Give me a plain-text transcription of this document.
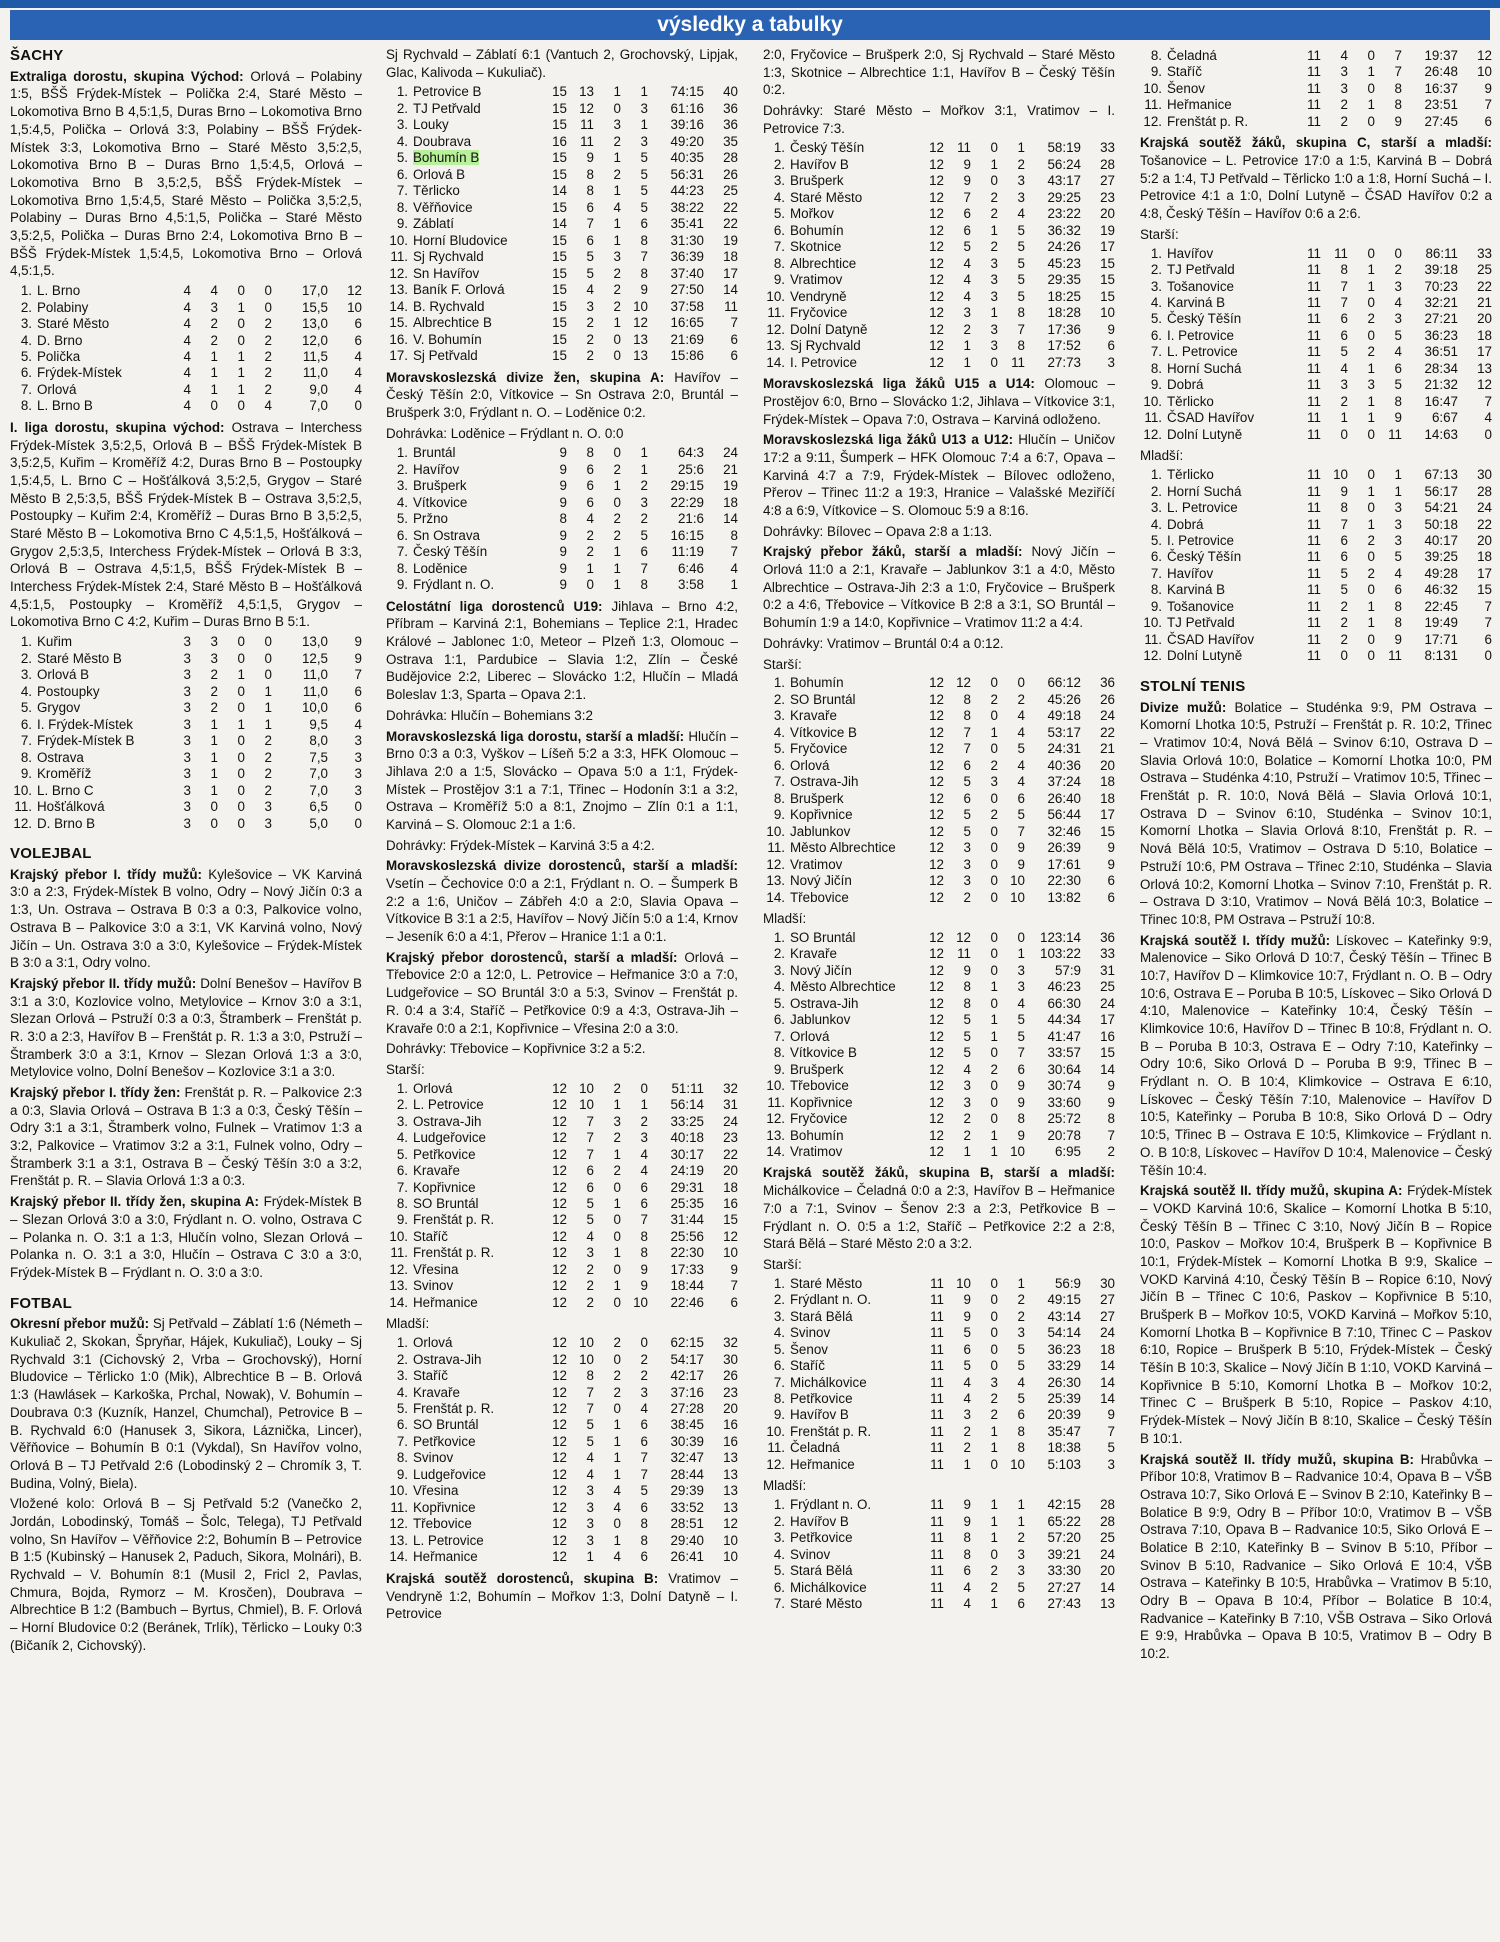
výsledky a tabulky
ŠACHY
Extraliga dorostu, skupina Východ: Orlová – Polabiny 1:5, BŠŠ Frýdek-Místek – Polička 2:4, Staré Město – Lokomotiva Brno B 4,5:1,5, Duras Brno – Lokomotiva Brno 1,5:4,5, Polička – Orlová 3:3, Polabiny – BŠŠ Frýdek-Místek 3:3, Lokomotiva Brno – Staré Město 3,5:2,5, Lokomotiva Brno B – Duras Brno 1,5:4,5, Orlová – Lokomotiva Brno B 3,5:2,5, BŠŠ Frýdek-Místek – Lokomotiva Brno 1,5:4,5, Staré Město – Polička 3,5:2,5, Polabiny – Duras Brno 4,5:1,5, Polička – Staré Město 3,5:2,5, Polička – Duras Brno 2:4, Lokomotiva Brno B – BŠŠ Frýdek-Místek 1,5:4,5, Lokomotiva Brno – Orlová 4,5:1,5.
1.	L. Brno	4	4	0	0	17,0	12
2.	Polabiny	4	3	1	0	15,5	10
3.	Staré Město	4	2	0	2	13,0	6
4.	D. Brno	4	2	0	2	12,0	6
5.	Polička	4	1	1	2	11,5	4
6.	Frýdek-Místek	4	1	1	2	11,0	4
7.	Orlová	4	1	1	2	9,0	4
8.	L. Brno B	4	0	0	4	7,0	0
I. liga dorostu, skupina východ: Ostrava – Interchess Frýdek-Místek 3,5:2,5, Orlová B – BŠŠ Frýdek-Místek B 3,5:2,5, Kuřim – Kroměříž 4:2, Duras Brno B – Postoupky 1,5:4,5, L. Brno C – Hošťálková 3,5:2,5, Grygov – Staré Město B 2,5:3,5, BŠŠ Frýdek-Místek B – Ostrava 3,5:2,5, Postoupky – Kuřim 2:4, Kroměříž – Duras Brno B 3,5:2,5, Staré Město B – Lokomotiva Brno C 4,5:1,5, Hošťálková – Grygov 2,5:3,5, Interchess Frýdek-Místek – Orlová B 3:3, Orlová B – Ostrava 4,5:1,5, BŠŠ Frýdek-Místek B – Interchess Frýdek-Místek 2:4, Staré Město B – Hošťálková 4,5:1,5, Postoupky – Kroměříž 4,5:1,5, Grygov – Lokomotiva Brno C 4:2, Kuřim – Duras Brno B 5:1.
1.	Kuřim	3	3	0	0	13,0	9
2.	Staré Město B	3	3	0	0	12,5	9
3.	Orlová B	3	2	1	0	11,0	7
4.	Postoupky	3	2	0	1	11,0	6
5.	Grygov	3	2	0	1	10,0	6
6.	I. Frýdek-Místek	3	1	1	1	9,5	4
7.	Frýdek-Místek B	3	1	0	2	8,0	3
8.	Ostrava	3	1	0	2	7,5	3
9.	Kroměříž	3	1	0	2	7,0	3
10.	L. Brno C	3	1	0	2	7,0	3
11.	Hošťálková	3	0	0	3	6,5	0
12.	D. Brno B	3	0	0	3	5,0	0
VOLEJBAL
Krajský přebor I. třídy mužů: Kylešovice – VK Karviná 3:0 a 2:3, Frýdek-Místek B volno, Odry – Nový Jičín 0:3 a 1:3, Un. Ostrava – Ostrava B 0:3 a 0:3, Palkovice volno, Ostrava B – Palkovice 3:0 a 3:1, VK Karviná volno, Nový Jičín – Un. Ostrava 3:0 a 3:0, Kylešovice – Frýdek-Místek B 3:0 a 3:1, Odry volno.
Krajský přebor II. třídy mužů: Dolní Benešov – Havířov B 3:1 a 3:0, Kozlovice volno, Metylovice – Krnov 3:0 a 3:1, Slezan Orlová – Pstruží 0:3 a 0:3, Štramberk – Frenštát p. R. 3:0 a 2:3, Havířov B – Frenštát p. R. 1:3 a 3:0, Pstruží – Štramberk 3:0 a 3:1, Krnov – Slezan Orlová 1:3 a 3:0, Metylovice volno, Dolní Benešov – Kozlovice 3:1 a 3:0.
Krajský přebor I. třídy žen: Frenštát p. R. – Palkovice 2:3 a 0:3, Slavia Orlová – Ostrava B 1:3 a 0:3, Český Těšín – Odry 3:1 a 3:1, Štramberk volno, Fulnek – Vratimov 1:3 a 3:2, Palkovice – Vratimov 3:2 a 3:1, Fulnek volno, Odry – Štramberk 3:1 a 3:1, Ostrava B – Český Těšín 3:0 a 3:2, Frenštát p. R. – Slavia Orlová 1:3 a 0:3.
Krajský přebor II. třídy žen, skupina A: Frýdek-Místek B – Slezan Orlová 3:0 a 3:0, Frýdlant n. O. volno, Ostrava C – Polanka n. O. 3:1 a 1:3, Hlučín volno, Slezan Orlová – Polanka n. O. 3:1 a 3:0, Hlučín – Ostrava C 3:0 a 3:0, Frýdek-Místek B – Frýdlant n. O. 3:0 a 3:0.
FOTBAL
Okresní přebor mužů: Sj Petřvald – Záblatí 1:6 (Németh – Kukuliač 2, Skokan, Špryňar, Hájek, Kukuliač), Louky – Sj Rychvald 3:1 (Cichovský 2, Vrba – Grochovský), Horní Bludovice – Těrlicko 1:0 (Mik), Albrechtice B – B. Orlová 1:3 (Hawlásek – Karkoška, Prchal, Nowak), V. Bohumín – Doubrava 0:3 (Kuzník, Hanzel, Chumchal), Petrovice B – B. Rychvald 6:0 (Hanusek 3, Sikora, Láznička, Lincer), Věřňovice – Bohumín B 0:1 (Vykdal), Sn Havířov volno, Orlová B – TJ Petřvald 2:6 (Lobodinský 2 – Chromík 3, T. Budina, Volný, Biela).
Vložené kolo: Orlová B – Sj Petřvald 5:2 (Vanečko 2, Jordán, Lobodinský, Tomáš – Šolc, Telega), TJ Petřvald volno, Sn Havířov – Věřňovice 2:2, Bohumín B – Petrovice B 1:5 (Kubinský – Hanusek 2, Paduch, Sikora, Molnári), B. Rychvald – V. Bohumín 8:1 (Musil 2, Fricl 2, Pavlas, Chmura, Bojda, Rymorz – M. Krosčen), Doubrava – Albrechtice B 1:2 (Bambuch – Byrtus, Chmiel), B. F. Orlová – Horní Bludovice 0:2 (Beránek, Trlík), Těrlicko – Louky 0:3 (Bičaník 2, Cichovský).
Sj Rychvald – Záblatí 6:1 (Vantuch 2, Grochovský, Lipjak, Glac, Kalivoda – Kukuliač).
1.	Petrovice B	15	13	1	1	74:15	40
2.	TJ Petřvald	15	12	0	3	61:16	36
3.	Louky	15	11	3	1	39:16	36
4.	Doubrava	16	11	2	3	49:20	35
5.	Bohumín B	15	9	1	5	40:35	28
6.	Orlová B	15	8	2	5	56:31	26
7.	Těrlicko	14	8	1	5	44:23	25
8.	Věřňovice	15	6	4	5	38:22	22
9.	Záblatí	14	7	1	6	35:41	22
10.	Horní Bludovice	15	6	1	8	31:30	19
11.	Sj Rychvald	15	5	3	7	36:39	18
12.	Sn Havířov	15	5	2	8	37:40	17
13.	Baník F. Orlová	15	4	2	9	27:50	14
14.	B. Rychvald	15	3	2	10	37:58	11
15.	Albrechtice B	15	2	1	12	16:65	7
16.	V. Bohumín	15	2	0	13	21:69	6
17.	Sj Petřvald	15	2	0	13	15:86	6
Moravskoslezská divize žen, skupina A: Havířov – Český Těšín 2:0, Vítkovice – Sn Ostrava 2:0, Bruntál – Brušperk 3:0, Frýdlant n. O. – Loděnice 0:2.
Dohrávka: Loděnice – Frýdlant n. O. 0:0
1.	Bruntál	9	8	0	1	64:3	24
2.	Havířov	9	6	2	1	25:6	21
3.	Brušperk	9	6	1	2	29:15	19
4.	Vítkovice	9	6	0	3	22:29	18
5.	Pržno	8	4	2	2	21:6	14
6.	Sn Ostrava	9	2	2	5	16:15	8
7.	Český Těšín	9	2	1	6	11:19	7
8.	Loděnice	9	1	1	7	6:46	4
9.	Frýdlant n. O.	9	0	1	8	3:58	1
Celostátní liga dorostenců U19: Jihlava – Brno 4:2, Příbram – Karviná 2:1, Bohemians – Teplice 2:1, Hradec Králové – Jablonec 1:0, Meteor – Plzeň 1:3, Olomouc – Ostrava 1:1, Pardubice – Slavia 1:2, Zlín – České Budějovice 2:2, Liberec – Slovácko 1:2, Hlučín – Mladá Boleslav 1:3, Sparta – Opava 2:1.
Dohrávka: Hlučín – Bohemians 3:2
Moravskoslezská liga dorostu, starší a mladší: Hlučín – Brno 0:3 a 0:3, Vyškov – Líšeň 5:2 a 3:3, HFK Olomouc – Jihlava 2:0 a 1:5, Slovácko – Opava 5:0 a 1:1, Frýdek-Místek – Prostějov 3:1 a 7:1, Třinec – Hodonín 3:1 a 3:2, Ostrava – Kroměříž 5:0 a 8:1, Znojmo – Zlín 0:1 a 1:1, Karviná – S. Olomouc 2:1 a 1:6.
Dohrávky: Frýdek-Místek – Karviná 3:5 a 4:2.
Moravskoslezská divize dorostenců, starší a mladší: Vsetín – Čechovice 0:0 a 2:1, Frýdlant n. O. – Šumperk B 2:2 a 1:6, Uničov – Zábřeh 4:0 a 2:0, Slavia Opava – Vítkovice B 3:1 a 2:5, Havířov – Nový Jičín 5:0 a 1:4, Krnov – Jeseník 6:0 a 4:1, Přerov – Hranice 1:1 a 0:1.
Krajský přebor dorostenců, starší a mladší: Orlová – Třebovice 2:0 a 12:0, L. Petrovice – Heřmanice 3:0 a 7:0, Ludgeřovice – SO Bruntál 3:0 a 5:3, Svinov – Frenštát p. R. 0:4 a 3:4, Staříč – Petřkovice 0:9 a 4:3, Ostrava-Jih – Kravaře 0:0 a 2:1, Kopřivnice – Vřesina 2:0 a 3:0.
Dohrávky: Třebovice – Kopřivnice 3:2 a 5:2.
Starší:
1.	Orlová	12	10	2	0	51:11	32
2.	L. Petrovice	12	10	1	1	56:14	31
3.	Ostrava-Jih	12	7	3	2	33:25	24
4.	Ludgeřovice	12	7	2	3	40:18	23
5.	Petřkovice	12	7	1	4	30:17	22
6.	Kravaře	12	6	2	4	24:19	20
7.	Kopřivnice	12	6	0	6	29:31	18
8.	SO Bruntál	12	5	1	6	25:35	16
9.	Frenštát p. R.	12	5	0	7	31:44	15
10.	Staříč	12	4	0	8	25:56	12
11.	Frenštát p. R.	12	3	1	8	22:30	10
12.	Vřesina	12	2	0	9	17:33	9
13.	Svinov	12	2	1	9	18:44	7
14.	Heřmanice	12	2	0	10	22:46	6
Mladší:
1.	Orlová	12	10	2	0	62:15	32
2.	Ostrava-Jih	12	10	0	2	54:17	30
3.	Staříč	12	8	2	2	42:17	26
4.	Kravaře	12	7	2	3	37:16	23
5.	Frenštát p. R.	12	7	0	4	27:28	20
6.	SO Bruntál	12	5	1	6	38:45	16
7.	Petřkovice	12	5	1	6	30:39	16
8.	Svinov	12	4	1	7	32:47	13
9.	Ludgeřovice	12	4	1	7	28:44	13
10.	Vřesina	12	3	4	5	29:39	13
11.	Kopřivnice	12	3	4	6	33:52	13
12.	Třebovice	12	3	0	8	28:51	12
13.	L. Petrovice	12	3	1	8	29:40	10
14.	Heřmanice	12	1	4	6	26:41	10
Krajská soutěž dorostenců, skupina B: Vratimov – Vendryně 1:2, Bohumín – Mořkov 1:3, Dolní Datyně – I. Petrovice
2:0, Fryčovice – Brušperk 2:0, Sj Rychvald – Staré Město 1:3, Skotnice – Albrechtice 1:1, Havířov B – Český Těšín 0:2.
Dohrávky: Staré Město – Mořkov 3:1, Vratimov – I. Petrovice 7:3.
1.	Český Těšín	12	11	0	1	58:19	33
2.	Havířov B	12	9	1	2	56:24	28
3.	Brušperk	12	9	0	3	43:17	27
4.	Staré Město	12	7	2	3	29:25	23
5.	Mořkov	12	6	2	4	23:22	20
6.	Bohumín	12	6	1	5	36:32	19
7.	Skotnice	12	5	2	5	24:26	17
8.	Albrechtice	12	4	3	5	45:23	15
9.	Vratimov	12	4	3	5	29:35	15
10.	Vendryně	12	4	3	5	18:25	15
11.	Fryčovice	12	3	1	8	18:28	10
12.	Dolní Datyně	12	2	3	7	17:36	9
13.	Sj Rychvald	12	1	3	8	17:52	6
14.	I. Petrovice	12	1	0	11	27:73	3
Moravskoslezská liga žáků U15 a U14: Olomouc – Prostějov 6:0, Brno – Slovácko 1:2, Jihlava – Vítkovice 3:1, Frýdek-Místek – Opava 7:0, Ostrava – Karviná odloženo.
Moravskoslezská liga žáků U13 a U12: Hlučín – Uničov 17:2 a 9:11, Šumperk – HFK Olomouc 7:4 a 6:7, Opava – Karviná 4:7 a 7:9, Frýdek-Místek – Bílovec odloženo, Přerov – Třinec 11:2 a 19:3, Hranice – Valašské Meziříčí 4:8 a 6:9, Vítkovice – S. Olomouc 5:9 a 8:16.
Dohrávky: Bílovec – Opava 2:8 a 1:13.
Krajský přebor žáků, starší a mladší: Nový Jičín – Orlová 11:0 a 2:1, Kravaře – Jablunkov 3:1 a 4:0, Město Albrechtice – Ostrava-Jih 2:3 a 1:0, Fryčovice – Brušperk 0:2 a 4:6, Třebovice – Vítkovice B 2:8 a 3:1, SO Bruntál – Bohumín 1:9 a 14:0, Kopřivnice – Vratimov 11:2 a 4:4.
Dohrávky: Vratimov – Bruntál 0:4 a 0:12.
Starší:
1.	Bohumín	12	12	0	0	66:12	36
2.	SO Bruntál	12	8	2	2	45:26	26
3.	Kravaře	12	8	0	4	49:18	24
4.	Vítkovice B	12	7	1	4	53:17	22
5.	Fryčovice	12	7	0	5	24:31	21
6.	Orlová	12	6	2	4	40:36	20
7.	Ostrava-Jih	12	5	3	4	37:24	18
8.	Brušperk	12	6	0	6	26:40	18
9.	Kopřivnice	12	5	2	5	56:44	17
10.	Jablunkov	12	5	0	7	32:46	15
11.	Město Albrechtice	12	3	0	9	26:39	9
12.	Vratimov	12	3	0	9	17:61	9
13.	Nový Jičín	12	3	0	10	22:30	6
14.	Třebovice	12	2	0	10	13:82	6
Mladší:
1.	SO Bruntál	12	12	0	0	123:14	36
2.	Kravaře	12	11	0	1	103:22	33
3.	Nový Jičín	12	9	0	3	57:9	31
4.	Město Albrechtice	12	8	1	3	46:23	25
5.	Ostrava-Jih	12	8	0	4	66:30	24
6.	Jablunkov	12	5	1	5	44:34	17
7.	Orlová	12	5	1	5	41:47	16
8.	Vítkovice B	12	5	0	7	33:57	15
9.	Brušperk	12	4	2	6	30:64	14
10.	Třebovice	12	3	0	9	30:74	9
11.	Kopřivnice	12	3	0	9	33:60	9
12.	Fryčovice	12	2	0	8	25:72	8
13.	Bohumín	12	2	1	9	20:78	7
14.	Vratimov	12	1	1	10	6:95	2
Krajská soutěž žáků, skupina B, starší a mladší: Michálkovice – Čeladná 0:0 a 2:3, Havířov B – Heřmanice 7:0 a 7:1, Svinov – Šenov 2:3 a 2:3, Petřkovice B – Frýdlant n. O. 0:5 a 1:2, Staříč – Petřkovice 2:2 a 2:8, Stará Bělá – Staré Město 2:0 a 3:2.
Starší:
1.	Staré Město	11	10	0	1	56:9	30
2.	Frýdlant n. O.	11	9	0	2	49:15	27
3.	Stará Bělá	11	9	0	2	43:14	27
4.	Svinov	11	5	0	3	54:14	24
5.	Šenov	11	6	0	5	36:23	18
6.	Staříč	11	5	0	5	33:29	14
7.	Michálkovice	11	4	3	4	26:30	14
8.	Petřkovice	11	4	2	5	25:39	14
9.	Havířov B	11	3	2	6	20:39	9
10.	Frenštát p. R.	11	2	1	8	35:47	7
11.	Čeladná	11	2	1	8	18:38	5
12.	Heřmanice	11	1	0	10	5:103	3
Mladší:
1.	Frýdlant n. O.	11	9	1	1	42:15	28
2.	Havířov B	11	9	1	1	65:22	28
3.	Petřkovice	11	8	1	2	57:20	25
4.	Svinov	11	8	0	3	39:21	24
5.	Stará Bělá	11	6	2	3	33:30	20
6.	Michálkovice	11	4	2	5	27:27	14
7.	Staré Město	11	4	1	6	27:43	13
8.	Čeladná	11	4	0	7	19:37	12
9.	Staříč	11	3	1	7	26:48	10
10.	Šenov	11	3	0	8	16:37	9
11.	Heřmanice	11	2	1	8	23:51	7
12.	Frenštát p. R.	11	2	0	9	27:45	6
Krajská soutěž žáků, skupina C, starší a mladší: Tošanovice – L. Petrovice 17:0 a 1:5, Karviná B – Dobrá 5:2 a 1:4, TJ Petřvald – Těrlicko 1:0 a 1:8, Horní Suchá – I. Petrovice 4:1 a 1:0, Dolní Lutyně – ČSAD Havířov 0:2 a 4:8, Český Těšín – Havířov 0:6 a 2:6.
Starší:
1.	Havířov	11	11	0	0	86:11	33
2.	TJ Petřvald	11	8	1	2	39:18	25
3.	Tošanovice	11	7	1	3	70:23	22
4.	Karviná B	11	7	0	4	32:21	21
5.	Český Těšín	11	6	2	3	27:21	20
6.	I. Petrovice	11	6	0	5	36:23	18
7.	L. Petrovice	11	5	2	4	36:51	17
8.	Horní Suchá	11	4	1	6	28:34	13
9.	Dobrá	11	3	3	5	21:32	12
10.	Těrlicko	11	2	1	8	16:47	7
11.	ČSAD Havířov	11	1	1	9	6:67	4
12.	Dolní Lutyně	11	0	0	11	14:63	0
Mladší:
1.	Těrlicko	11	10	0	1	67:13	30
2.	Horní Suchá	11	9	1	1	56:17	28
3.	L. Petrovice	11	8	0	3	54:21	24
4.	Dobrá	11	7	1	3	50:18	22
5.	I. Petrovice	11	6	2	3	40:17	20
6.	Český Těšín	11	6	0	5	39:25	18
7.	Havířov	11	5	2	4	49:28	17
8.	Karviná B	11	5	0	6	46:32	15
9.	Tošanovice	11	2	1	8	22:45	7
10.	TJ Petřvald	11	2	1	8	19:49	7
11.	ČSAD Havířov	11	2	0	9	17:71	6
12.	Dolní Lutyně	11	0	0	11	8:131	0
STOLNÍ TENIS
Divize mužů: Bolatice – Studénka 9:9, PM Ostrava – Komorní Lhotka 10:5, Pstruží – Frenštát p. R. 10:2, Třinec – Vratimov 10:4, Nová Bělá – Svinov 6:10, Ostrava D – Slavia Orlová 10:0, Bolatice – Komorní Lhotka 10:0, PM Ostrava – Studénka 4:10, Pstruží – Vratimov 10:5, Třinec – Frenštát p. R. 10:0, Nová Bělá – Slavia Orlová 10:1, Ostrava D – Svinov 6:10, Studénka – Svinov 10:1, Komorní Lhotka – Slavia Orlová 8:10, Frenštát p. R. – Nová Bělá 10:5, Vratimov – Ostrava D 5:10, Bolatice – Pstruží 10:6, PM Ostrava – Třinec 2:10, Studénka – Slavia Orlová 10:2, Komorní Lhotka – Svinov 7:10, Frenštát p. R. – Ostrava D 3:10, Vratimov – Nová Bělá 10:3, Bolatice – Třinec 10:8, PM Ostrava – Pstruží 10:8.
Krajská soutěž I. třídy mužů: Lískovec – Kateřinky 9:9, Malenovice – Siko Orlová D 10:7, Český Těšín – Třinec B 10:7, Havířov D – Klimkovice 10:7, Frýdlant n. O. B – Odry 10:6, Ostrava E – Poruba B 10:5, Lískovec – Siko Orlová D 4:10, Malenovice – Kateřinky 10:4, Český Těšín – Klimkovice 10:6, Havířov D – Třinec B 10:8, Frýdlant n. O. B – Poruba B 10:3, Ostrava E – Odry 7:10, Kateřinky – Odry 10:6, Siko Orlová D – Poruba B 9:9, Třinec B – Frýdlant n. O. B 10:4, Klimkovice – Ostrava E 6:10, Lískovec – Český Těšín 7:10, Malenovice – Havířov D 10:5, Kateřinky – Poruba B 10:8, Siko Orlová D – Odry 10:5, Třinec B – Ostrava E 10:5, Klimkovice – Frýdlant n. O. B 10:8, Lískovec – Havířov D 10:4, Malenovice – Český Těšín 10:4.
Krajská soutěž II. třídy mužů, skupina A: Frýdek-Místek – VOKD Karviná 10:6, Skalice – Komorní Lhotka B 5:10, Český Těšín B – Třinec C 3:10, Nový Jičín B – Ropice 10:0, Paskov – Mořkov 10:4, Brušperk B – Kopřivnice B 10:1, Frýdek-Místek – Komorní Lhotka B 9:9, Skalice – VOKD Karviná 4:10, Český Těšín B – Ropice 6:10, Nový Jičín B – Třinec C 10:6, Paskov – Kopřivnice B 5:10, Brušperk B – Mořkov 10:5, VOKD Karviná – Mořkov 5:10, Komorní Lhotka B – Kopřivnice B 7:10, Třinec C – Paskov 6:10, Ropice – Brušperk B 5:10, Frýdek-Místek – Český Těšín B 10:3, Skalice – Nový Jičín B 1:10, VOKD Karviná – Kopřivnice B 5:10, Komorní Lhotka B – Mořkov 10:2, Třinec C – Brušperk B 5:10, Ropice – Paskov 4:10, Frýdek-Místek – Nový Jičín B 8:10, Skalice – Český Těšín B 10:1.
Krajská soutěž II. třídy mužů, skupina B: Hrabůvka – Příbor 10:8, Vratimov B – Radvanice 10:4, Opava B – VŠB Ostrava 10:7, Siko Orlová E – Svinov B 2:10, Kateřinky B – Bolatice B 9:9, Odry B – Příbor 10:0, Vratimov B – VŠB Ostrava 7:10, Opava B – Radvanice 10:5, Siko Orlová E – Bolatice B 2:10, Kateřinky B – Svinov B 5:10, Příbor – Svinov B 5:10, Radvanice – Siko Orlová E 10:4, VŠB Ostrava – Kateřinky B 10:5, Hrabůvka – Vratimov B 5:10, Odry B – Opava B 10:4, Příbor – Bolatice B 10:4, Radvanice – Kateřinky B 7:10, VŠB Ostrava – Siko Orlová E 9:9, Hrabůvka – Opava B 10:5, Vratimov B – Odry B 10:2.
